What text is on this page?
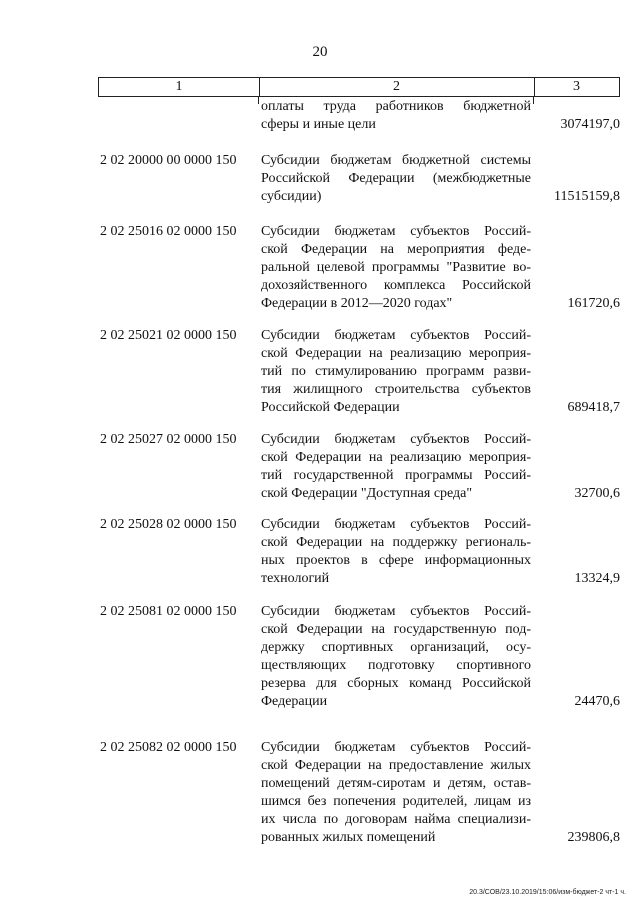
20
1	2	3
оплаты труда работников бюджетной
сферы и иные цели	3074197,0
2 02 20000 00 0000 150	Субсидии бюджетам бюджетной системы
Российской Федерации (межбюджетные
субсидии)	11515159,8
2 02 25016 02 0000 150	Субсидии бюджетам субъектов Россий-
ской Федерации на мероприятия феде-
ральной целевой программы "Развитие во-
дохозяйственного комплекса Российской
Федерации в 2012—2020 годах"	161720,6
2 02 25021 02 0000 150	Субсидии бюджетам субъектов Россий-
ской Федерации на реализацию мероприя-
тий по стимулированию программ разви-
тия жилищного строительства субъектов
Российской Федерации	689418,7
2 02 25027 02 0000 150	Субсидии бюджетам субъектов Россий-
ской Федерации на реализацию мероприя-
тий государственной программы Россий-
ской Федерации "Доступная среда"	32700,6
2 02 25028 02 0000 150	Субсидии бюджетам субъектов Россий-
ской Федерации на поддержку региональ-
ных проектов в сфере информационных
технологий	13324,9
2 02 25081 02 0000 150	Субсидии бюджетам субъектов Россий-
ской Федерации на государственную под-
держку спортивных организаций, осу-
ществляющих подготовку спортивного
резерва для сборных команд Российской
Федерации	24470,6
2 02 25082 02 0000 150	Субсидии бюджетам субъектов Россий-
ской Федерации на предоставление жилых
помещений детям-сиротам и детям, остав-
шимся без попечения родителей, лицам из
их числа по договорам найма специализи-
рованных жилых помещений	239806,8
20.3/СОВ/23.10.2019/15:06/изм-бюджет-2 чт-1 ч.
